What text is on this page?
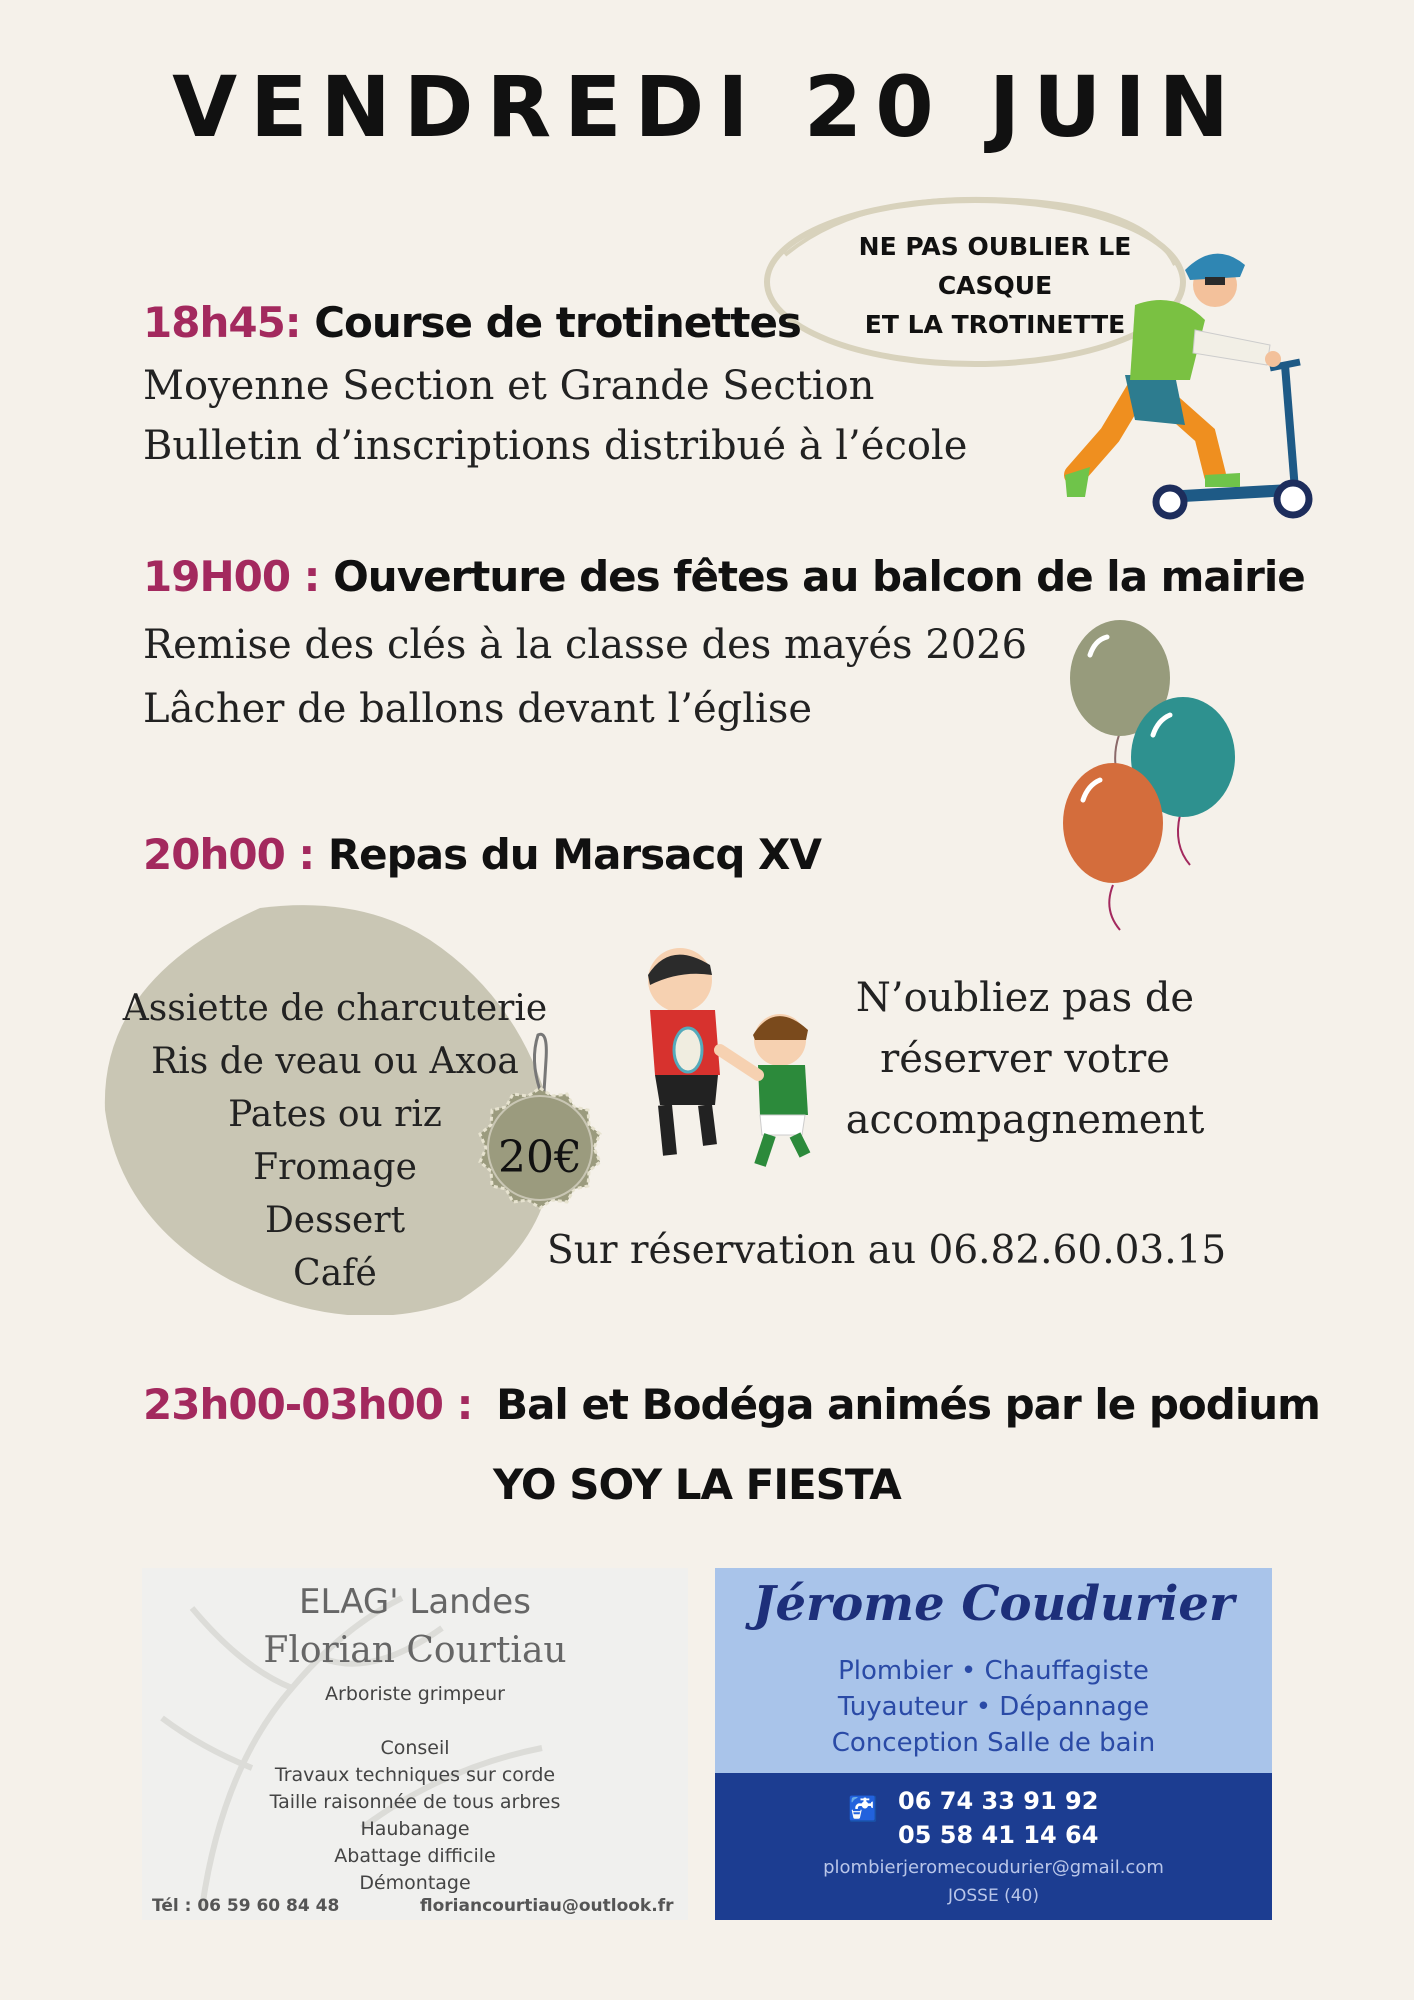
VENDREDI 20 JUIN
NE PAS OUBLIER LE
CASQUE
ET LA TROTINETTE
18h45: Course de trotinettes
Moyenne Section et Grande Section
Bulletin d’inscriptions distribué à l’école
19H00 : Ouverture des fêtes au balcon de la mairie
Remise des clés à la classe des mayés 2026
Lâcher de ballons devant l’église
20h00 : Repas du Marsacq XV
Assiette de charcuterie
Ris de veau ou Axoa
Pates ou riz
Fromage
Dessert
Café
20€
N’oubliez pas de
réserver votre
accompagnement
Sur réservation au 06.82.60.03.15
23h00-03h00 : Bal et Bodéga animés par le podium
YO SOY LA FIESTA
ELAG' Landes
Florian Courtiau
Arboriste grimpeur
Conseil
Travaux techniques sur corde
Taille raisonnée de tous arbres
Haubanage
Abattage difficile
Démontage
Tél : 06 59 60 84 48	floriancourtiau@outlook.fr
Jérome Coudurier
Plombier • Chauffagiste
Tuyauteur • Dépannage
Conception Salle de bain
🚰 06 74 33 91 92
05 58 41 14 64
plombierjeromecoudurier@gmail.com
JOSSE (40)
